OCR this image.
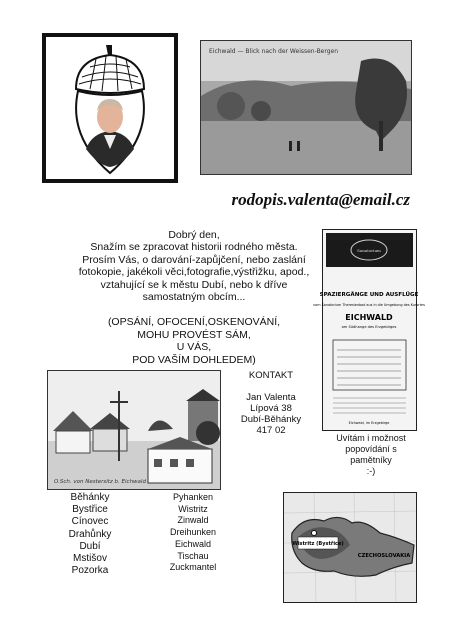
Eichwald — Blick nach der Weissen-Bergen
rodopis.valenta@email.cz
Dobrý den,
Snažím se zpracovat historii rodného města.
Prosím Vás, o darování-zapůjčení, nebo zaslání
fotokopie, jakékoli věci,fotografie,výstřižku, apod.,
vztahující se k městu Dubí, nebo k dříve
samostatným obcím...
(OPSÁNÍ, OFOCENÍ,OSKENOVÁNÍ,
MOHU PROVÉST SÁM,
U VÁS,
POD VAŠÍM DOHLEDEM)
Sanatorium
SPAZIERGÄNGE UND AUSFLÜGE
vom Sanatorium Theresienbad aus in die Umgebung des Kurortes
EICHWALD
am Südhange des Erzgebirges
Eichwald, im Erzgebirge
Uvítám i možnost
popovídání s
pamětníky
:-)
O.Sch. von Nestersitz b. Eichwald
KONTAKT
Jan Valenta
Lípová 38
Dubí-Běhánky
417 02
Běhánky
Bystřice
Cínovec
Drahůnky
Dubí
Mstišov
Pozorka
Pyhanken
Wistritz
Zinwald
Dreihunken
Eichwald
Tischau
Zuckmantel
Wistritz (Bystřice)
CZECHOSLOVAKIA
